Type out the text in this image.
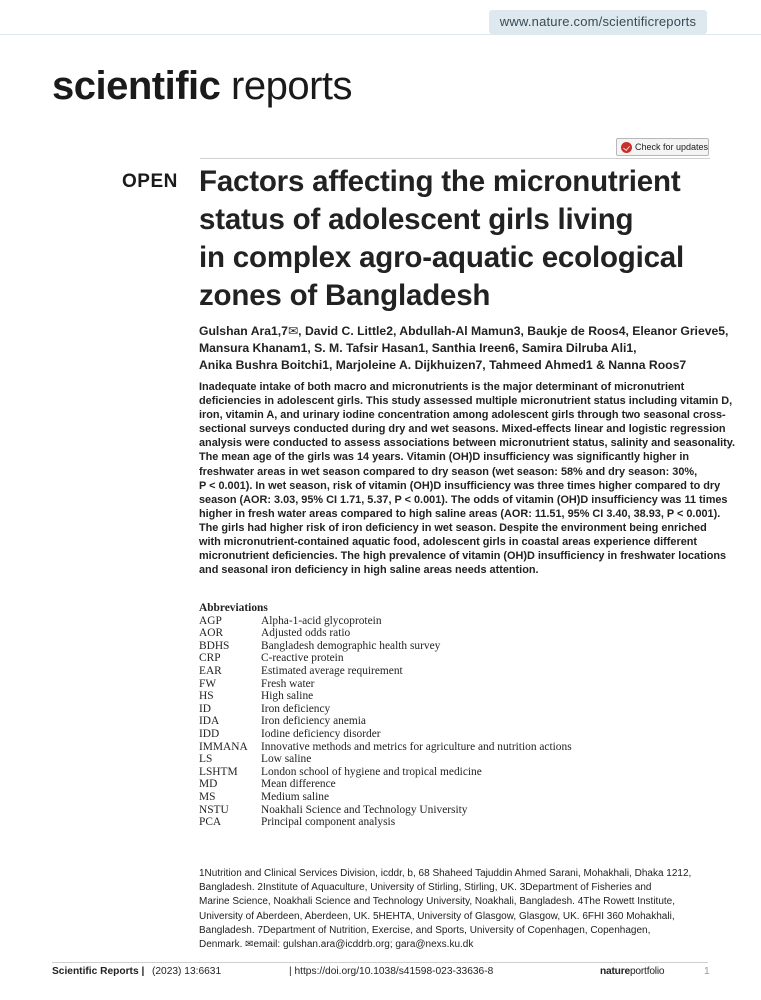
www.nature.com/scientificreports
scientific reports
Check for updates
OPEN Factors affecting the micronutrient
status of adolescent girls living
in complex agro-aquatic ecological
zones of Bangladesh
Gulshan Ara1,7✉, David C. Little2, Abdullah-Al Mamun3, Baukje de Roos4, Eleanor Grieve5,
Mansura Khanam1, S. M. Tafsir Hasan1, Santhia Ireen6, Samira Dilruba Ali1,
Anika Bushra Boitchi1, Marjoleine A. Dijkhuizen7, Tahmeed Ahmed1 & Nanna Roos7
Inadequate intake of both macro and micronutrients is the major determinant of micronutrient
deficiencies in adolescent girls. This study assessed multiple micronutrient status including vitamin D,
iron, vitamin A, and urinary iodine concentration among adolescent girls through two seasonal cross-
sectional surveys conducted during dry and wet seasons. Mixed-effects linear and logistic regression
analysis were conducted to assess associations between micronutrient status, salinity and seasonality.
The mean age of the girls was 14 years. Vitamin (OH)D insufficiency was significantly higher in
freshwater areas in wet season compared to dry season (wet season: 58% and dry season: 30%,
P < 0.001). In wet season, risk of vitamin (OH)D insufficiency was three times higher compared to dry
season (AOR: 3.03, 95% CI 1.71, 5.37, P < 0.001). The odds of vitamin (OH)D insufficiency was 11 times
higher in fresh water areas compared to high saline areas (AOR: 11.51, 95% CI 3.40, 38.93, P < 0.001).
The girls had higher risk of iron deficiency in wet season. Despite the environment being enriched
with micronutrient-contained aquatic food, adolescent girls in coastal areas experience different
micronutrient deficiencies. The high prevalence of vitamin (OH)D insufficiency in freshwater locations
and seasonal iron deficiency in high saline areas needs attention.
Abbreviations
AGP	Alpha-1-acid glycoprotein
AOR	Adjusted odds ratio
BDHS	Bangladesh demographic health survey
CRP	C-reactive protein
EAR	Estimated average requirement
FW	Fresh water
HS	High saline
ID	Iron deficiency
IDA	Iron deficiency anemia
IDD	Iodine deficiency disorder
IMMANA	Innovative methods and metrics for agriculture and nutrition actions
LS	Low saline
LSHTM	London school of hygiene and tropical medicine
MD	Mean difference
MS	Medium saline
NSTU	Noakhali Science and Technology University
PCA	Principal component analysis
1Nutrition and Clinical Services Division, icddr, b, 68 Shaheed Tajuddin Ahmed Sarani, Mohakhali, Dhaka 1212,
Bangladesh. 2Institute of Aquaculture, University of Stirling, Stirling, UK. 3Department of Fisheries and
Marine Science, Noakhali Science and Technology University, Noakhali, Bangladesh. 4The Rowett Institute,
University of Aberdeen, Aberdeen, UK. 5HEHTA, University of Glasgow, Glasgow, UK. 6FHI 360 Mohakhali,
Bangladesh. 7Department of Nutrition, Exercise, and Sports, University of Copenhagen, Copenhagen,
Denmark. ✉email: gulshan.ara@icddrb.org; gara@nexs.ku.dk
Scientific Reports | (2023) 13:6631	| https://doi.org/10.1038/s41598-023-33636-8	natureportfolio	1
